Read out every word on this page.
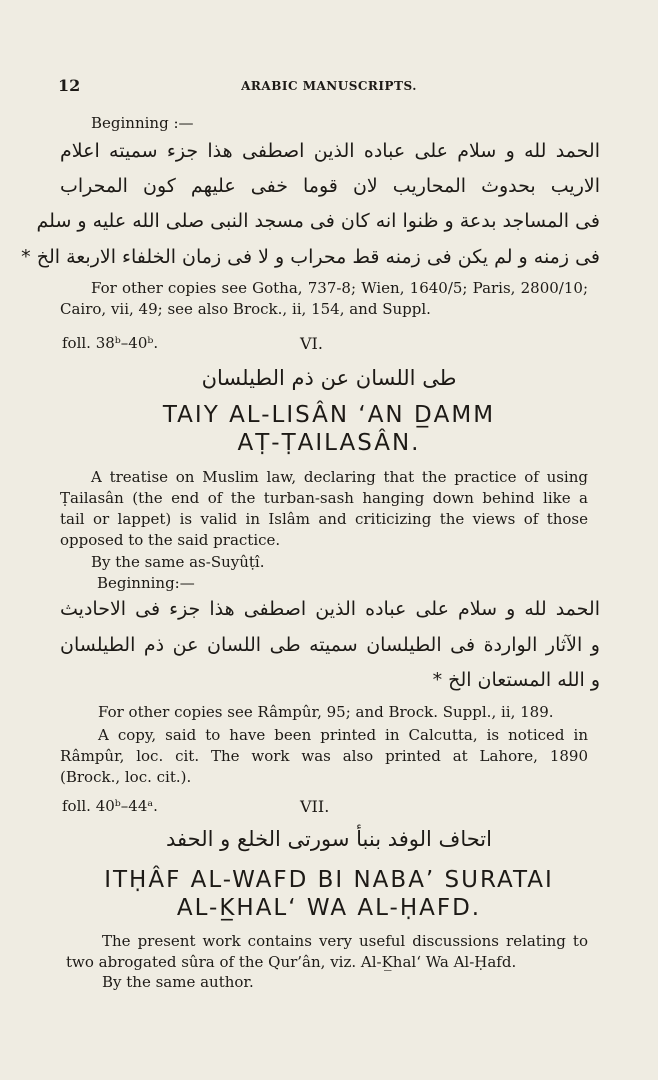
12	ARABIC MANUSCRIPTS.
Beginning :—
الحمد لله و سلام على عباده الذين اصطفى هذا جزء سميته اعلام
الاريب بحدوث المحاريب لان قوما خفى عليهم كون المحراب
فى المساجد بدعة و ظنوا انه كان فى مسجد النبى صلى الله عليه و سلم
فى زمنه و لم يكن فى زمنه قط محراب و لا فى زمان الخلفاء الاربعة الخ *
For other copies see Gotha, 737-8; Wien, 1640/5; Paris, 2800/10;
Cairo, vii, 49; see also Brock., ii, 154, and Suppl.
foll. 38ᵇ–40ᵇ.	VI.
طى اللسان عن ذم الطيلسان
TAIY AL-LISÂN ‘AN D̲AMM
AṬ-ṬAILASÂN.
A treatise on Muslim law, declaring that the practice of using
Ṭailasân (the end of the turban-sash hanging down behind like a
tail or lappet) is valid in Islâm and criticizing the views of those
opposed to the said practice.
By the same as-Suyûṭî.
Beginning:—
الحمد لله و سلام على عباده الذين اصطفى هذا جزء فى الاحاديث
و الآثار الواردة فى الطيلسان سميته طى اللسان عن ذم الطيلسان
و الله المستعان الخ *
For other copies see Râmpûr, 95; and Brock. Suppl., ii, 189.
A copy, said to have been printed in Calcutta, is noticed in
Râmpûr, loc. cit. The work was also printed at Lahore, 1890
(Brock., loc. cit.).
foll. 40ᵇ–44ᵃ.	VII.
اتحاف الوفد بنبأ سورتى الخلع و الحفد
ITḤÂF AL-WAFD BI NABA’ SURATAI
AL-K̲HAL‘ WA AL-ḤAFD.
The present work contains very useful discussions relating to
two abrogated sûra of the Qur’ân, viz. Al-K̲hal‘ Wa Al-Ḥafd.
By the same author.
